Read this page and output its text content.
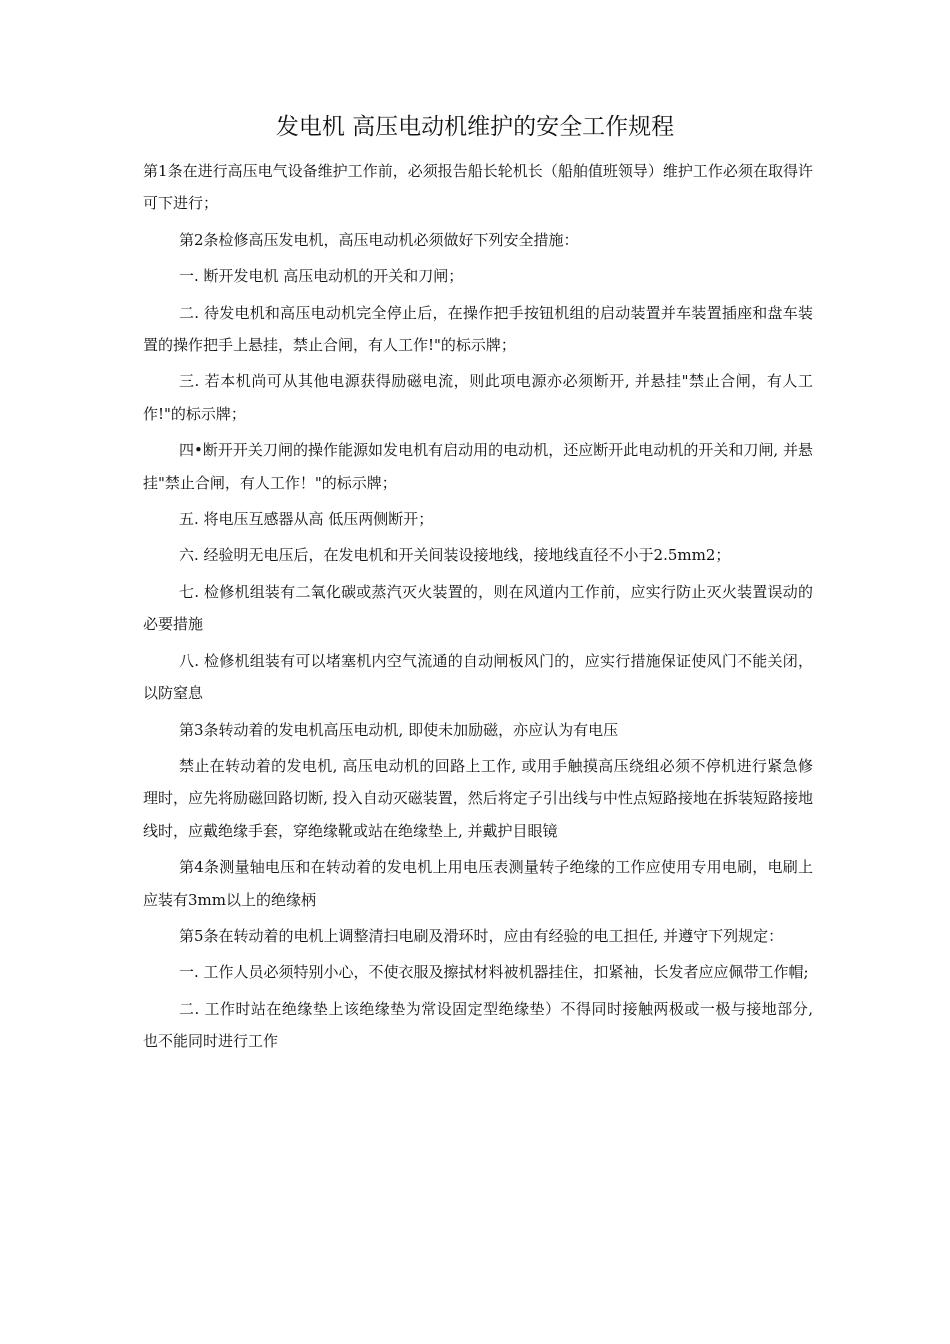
发电机 高压电动机维护的安全工作规程

第1条在进行高压电气设备维护工作前，必须报告船长轮机长（船舶值班领导）维护工作必须在取得许可下进行；

第2条检修高压发电机，高压电动机必须做好下列安全措施：

一. 断开发电机 高压电动机的开关和刀闸；

二. 待发电机和高压电动机完全停止后，在操作把手按钮机组的启动装置并车装置插座和盘车装置的操作把手上悬挂，禁止合闸，有人工作!"的标示牌；

三. 若本机尚可从其他电源获得励磁电流，则此项电源亦必须断开, 并悬挂"禁止合闸，有人工作!"的标示牌；

四•断开开关刀闸的操作能源如发电机有启动用的电动机，还应断开此电动机的开关和刀闸, 并悬挂"禁止合闸，有人工作！"的标示牌；

五. 将电压互感器从高 低压两侧断开；

六. 经验明无电压后，在发电机和开关间装设接地线，接地线直径不小于2.5mm2；

七. 检修机组装有二氧化碳或蒸汽灭火装置的，则在风道内工作前，应实行防止灭火装置误动的必要措施

八. 检修机组装有可以堵塞机内空气流通的自动闸板风门的，应实行措施保证使风门不能关闭，以防窒息

第3条转动着的发电机高压电动机, 即使未加励磁，亦应认为有电压

禁止在转动着的发电机, 高压电动机的回路上工作, 或用手触摸高压绕组必须不停机进行紧急修理时，应先将励磁回路切断, 投入自动灭磁装置，然后将定子引出线与中性点短路接地在拆装短路接地线时，应戴绝缘手套，穿绝缘靴或站在绝缘垫上, 并戴护目眼镜

第4条测量轴电压和在转动着的发电机上用电压表测量转子绝缘的工作应使用专用电刷，电刷上应装有3mm以上的绝缘柄

第5条在转动着的电机上调整清扫电刷及滑环时，应由有经验的电工担任, 并遵守下列规定：

一. 工作人员必须特别小心，不使衣服及擦拭材料被机器挂住，扣紧袖，长发者应应佩带工作帽;

二. 工作时站在绝缘垫上该绝缘垫为常设固定型绝缘垫）不得同时接触两极或一极与接地部分, 也不能同时进行工作
